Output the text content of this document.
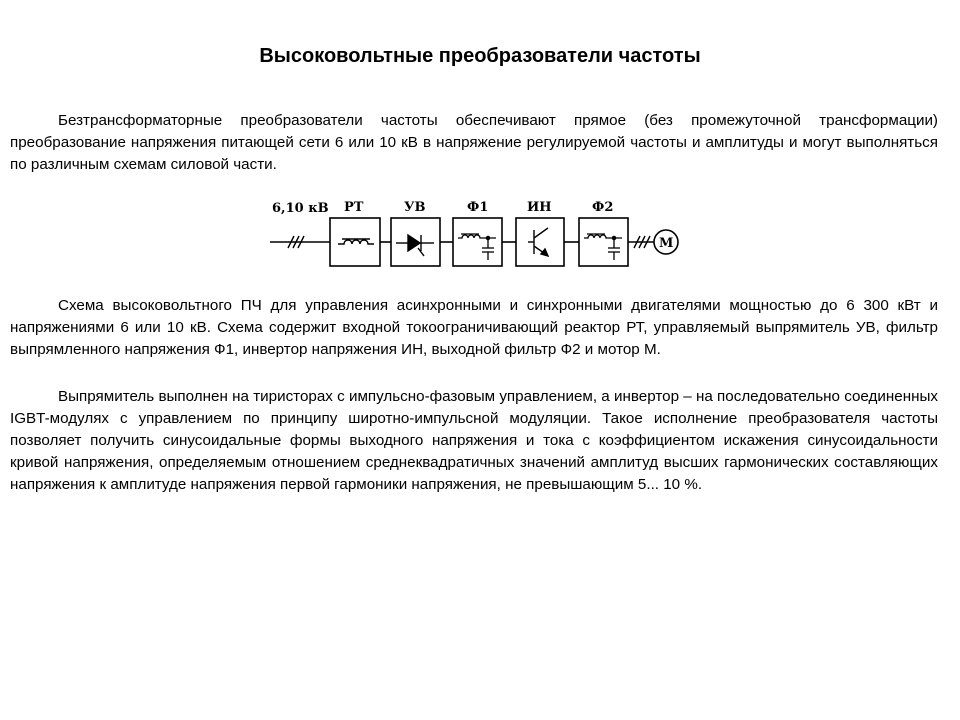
Высоковольтные преобразователи частоты

Безтрансформаторные преобразователи частоты обеспечивают прямое (без промежуточной трансформации) преобразование напряжения питающей сети 6 или 10 кВ в напряжение регулируемой частоты и амплитуды и могут выполняться по различным схемам силовой части.

6,10 кВ РТ	УВ	Ф1	ИН	Ф2
M

Схема высоковольтного ПЧ для управления асинхронными и синхронными двигателями мощностью до 6 300 кВт и напряжениями 6 или 10 кВ. Схема содержит входной токоограничивающий реактор РТ, управляемый выпрямитель УВ, фильтр выпрямленного напряжения Ф1, инвертор напряжения ИН, выходной фильтр Ф2 и мотор М.

Выпрямитель выполнен на тиристорах с импульсно-фазовым управлением, а инвертор – на последовательно соединенных IGBT-модулях с управлением по принципу широтно-импульсной модуляции. Такое исполнение преобразователя частоты позволяет получить синусоидальные формы выходного напряжения и тока с коэффициентом искажения синусоидальности кривой напряжения, определяемым отношением среднеквадратичных значений амплитуд высших гармонических составляющих напряжения к амплитуде напряжения первой гармоники напряжения, не превышающим 5... 10 %.
